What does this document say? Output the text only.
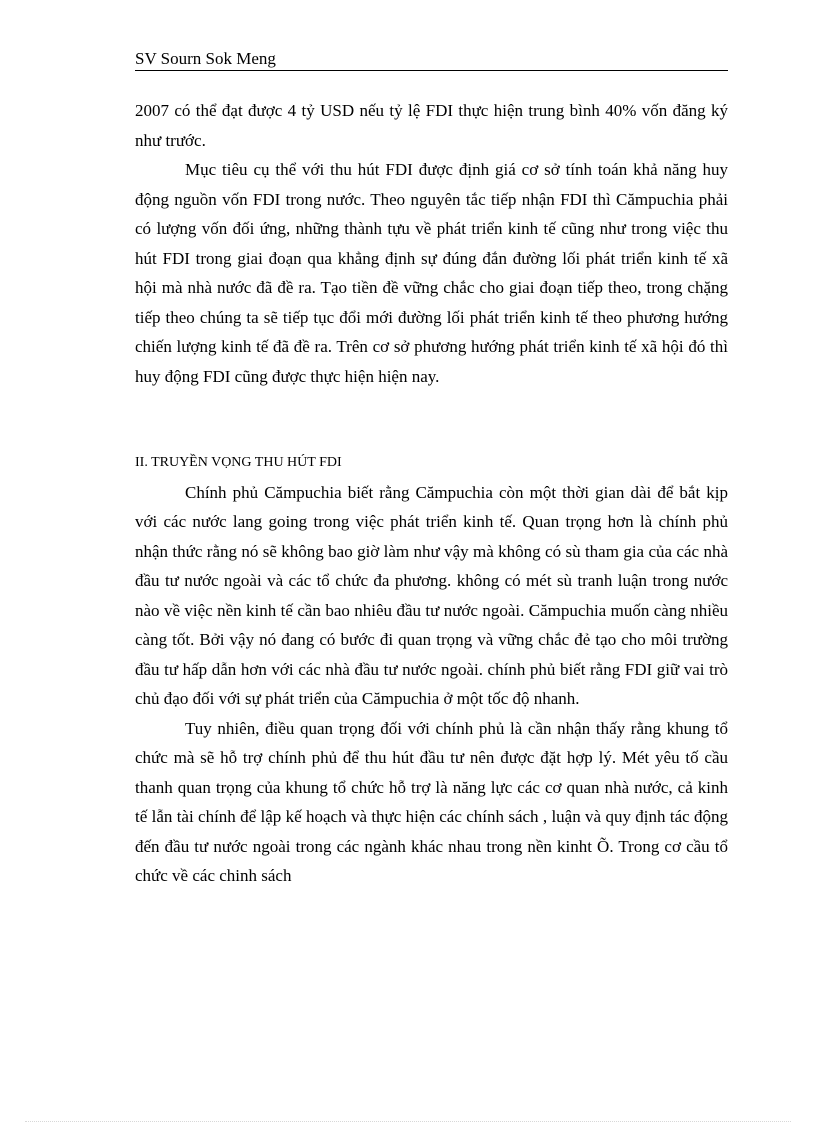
SV Sourn Sok Meng

2007 có thể đạt được 4 tỷ USD nếu tỷ lệ FDI thực hiện trung bình 40% vốn đăng ký như trước.

Mục tiêu cụ thể với thu hút FDI được định giá cơ sở tính toán khả năng huy động nguồn vốn FDI trong nước. Theo nguyên tắc tiếp nhận FDI thì Cămpuchia phải có lượng vốn đối ứng, những thành tựu về phát triển kinh tế cũng như trong việc thu hút FDI trong giai đoạn qua khẳng định sự đúng đắn đường lối phát triển kinh tế xã hội mà nhà nước đã đề ra. Tạo tiền đề vững chắc cho giai đoạn tiếp theo, trong chặng tiếp theo chúng ta sẽ tiếp tục đổi mới đường lối phát triển kinh tế theo phương hướng chiến lượng kinh tế đã đề ra. Trên cơ sở phương hướng phát triển kinh tế xã hội đó thì huy động FDI cũng được thực hiện hiện nay.

II. TRUYỀN VỌNG THU HÚT FDI

Chính phủ Cămpuchia biết rằng Cămpuchia còn một thời gian dài để bắt kịp với các nước lang going trong việc phát triển kinh tế. Quan trọng hơn là chính phủ nhận thức rằng nó sẽ không bao giờ làm như vậy mà không có sù tham gia của các nhà đầu tư nước ngoài và các tổ chức đa phương. không có mét sù tranh luận trong nước nào về việc nền kinh tế cần bao nhiêu đầu tư nước ngoài. Cămpuchia muốn càng nhiều càng tốt. Bởi vậy nó đang có bước đi quan trọng và vững chắc đẻ tạo cho môi trường đầu tư hấp dẫn hơn với các nhà đầu tư nước ngoài. chính phủ biết rằng FDI giữ vai trò chủ đạo đối với sự phát triển của Cămpuchia ở một tốc độ nhanh.

Tuy nhiên, điều quan trọng đối với chính phủ là cần nhận thấy rằng khung tổ chức mà sẽ hỗ trợ chính phủ để thu hút đầu tư nên được đặt hợp lý. Mét yêu tố cầu thanh quan trọng của khung tổ chức hỗ trợ là năng lực các cơ quan nhà nước, cả kinh tế lẫn tài chính để lập kế hoạch và thực hiện các chính sách , luận và quy định tác động đến đầu tư nước ngoài trong các ngành khác nhau trong nền kinht Õ. Trong cơ cầu tổ chức về các chinh sách
